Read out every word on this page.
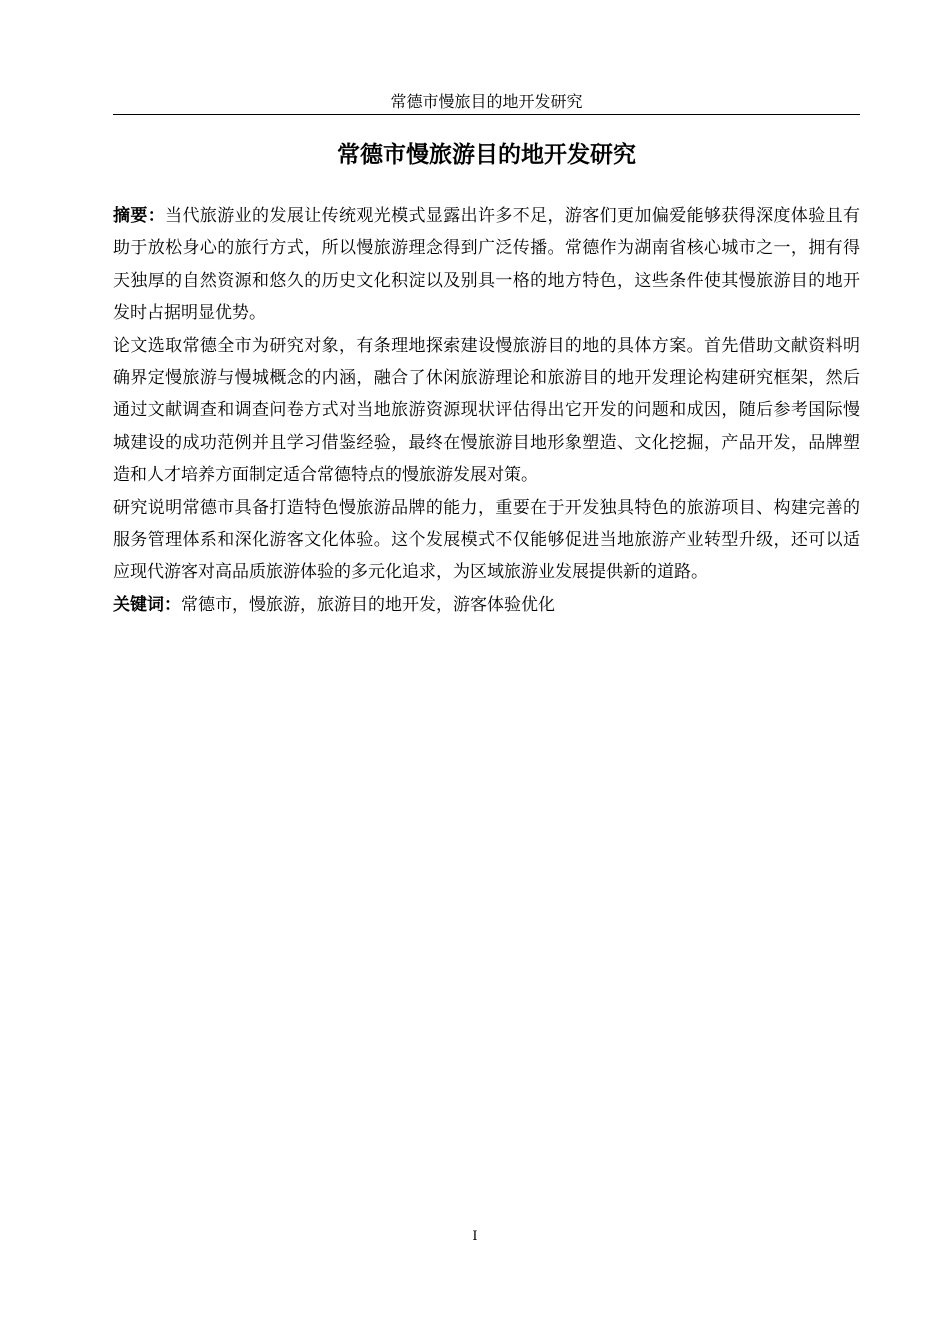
常德市慢旅目的地开发研究
常德市慢旅游目的地开发研究

摘要：当代旅游业的发展让传统观光模式显露出许多不足，游客们更加偏爱能够获得深度体验且有助于放松身心的旅行方式，所以慢旅游理念得到广泛传播。常德作为湖南省核心城市之一，拥有得天独厚的自然资源和悠久的历史文化积淀以及别具一格的地方特色，这些条件使其慢旅游目的地开发时占据明显优势。

论文选取常德全市为研究对象，有条理地探索建设慢旅游目的地的具体方案。首先借助文献资料明确界定慢旅游与慢城概念的内涵，融合了休闲旅游理论和旅游目的地开发理论构建研究框架，然后通过文献调查和调查问卷方式对当地旅游资源现状评估得出它开发的问题和成因，随后参考国际慢城建设的成功范例并且学习借鉴经验，最终在慢旅游目地形象塑造、文化挖掘，产品开发，品牌塑造和人才培养方面制定适合常德特点的慢旅游发展对策。

研究说明常德市具备打造特色慢旅游品牌的能力，重要在于开发独具特色的旅游项目、构建完善的服务管理体系和深化游客文化体验。这个发展模式不仅能够促进当地旅游产业转型升级，还可以适应现代游客对高品质旅游体验的多元化追求，为区域旅游业发展提供新的道路。

关键词：常德市，慢旅游，旅游目的地开发，游客体验优化

I
